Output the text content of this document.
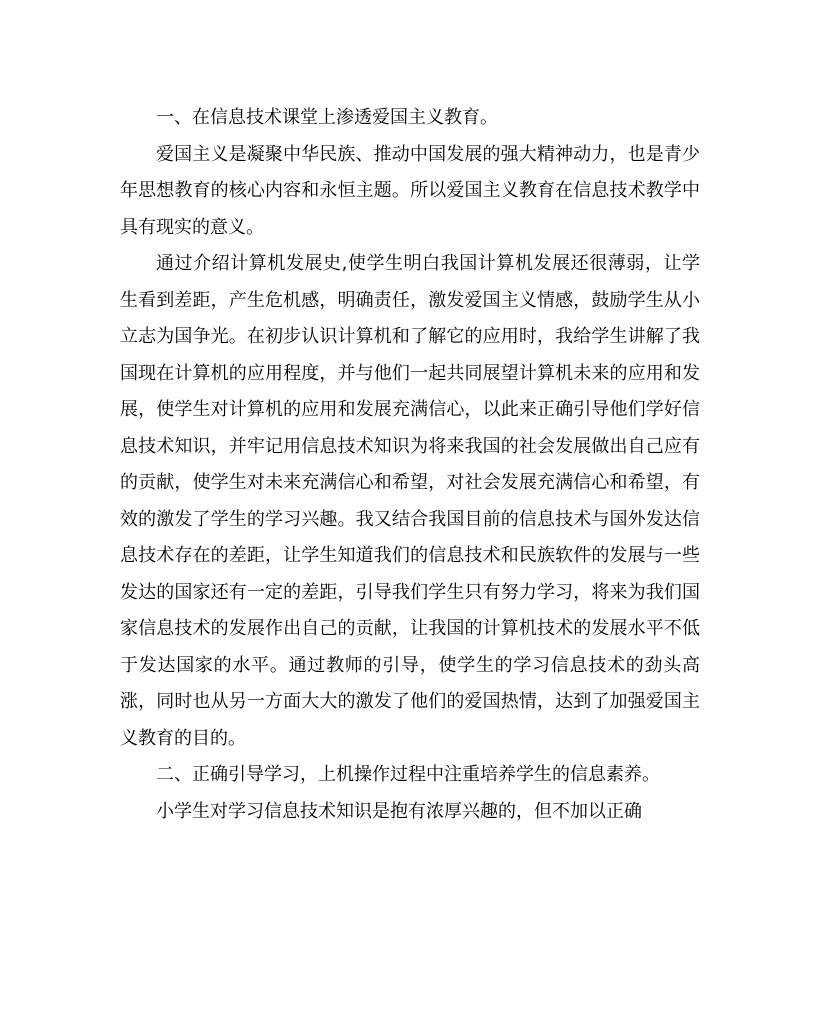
一、在信息技术课堂上渗透爱国主义教育。

爱国主义是凝聚中华民族、推动中国发展的强大精神动力，也是青少年思想教育的核心内容和永恒主题。所以爱国主义教育在信息技术教学中具有现实的意义。

通过介绍计算机发展史,使学生明白我国计算机发展还很薄弱，让学生看到差距，产生危机感，明确责任，激发爱国主义情感，鼓励学生从小立志为国争光。在初步认识计算机和了解它的应用时，我给学生讲解了我国现在计算机的应用程度，并与他们一起共同展望计算机未来的应用和发展，使学生对计算机的应用和发展充满信心，以此来正确引导他们学好信息技术知识，并牢记用信息技术知识为将来我国的社会发展做出自己应有的贡献，使学生对未来充满信心和希望，对社会发展充满信心和希望，有效的激发了学生的学习兴趣。我又结合我国目前的信息技术与国外发达信息技术存在的差距，让学生知道我们的信息技术和民族软件的发展与一些发达的国家还有一定的差距，引导我们学生只有努力学习，将来为我们国家信息技术的发展作出自己的贡献，让我国的计算机技术的发展水平不低于发达国家的水平。通过教师的引导，使学生的学习信息技术的劲头高涨，同时也从另一方面大大的激发了他们的爱国热情，达到了加强爱国主义教育的目的。

二、正确引导学习，上机操作过程中注重培养学生的信息素养。

小学生对学习信息技术知识是抱有浓厚兴趣的，但不加以正确
